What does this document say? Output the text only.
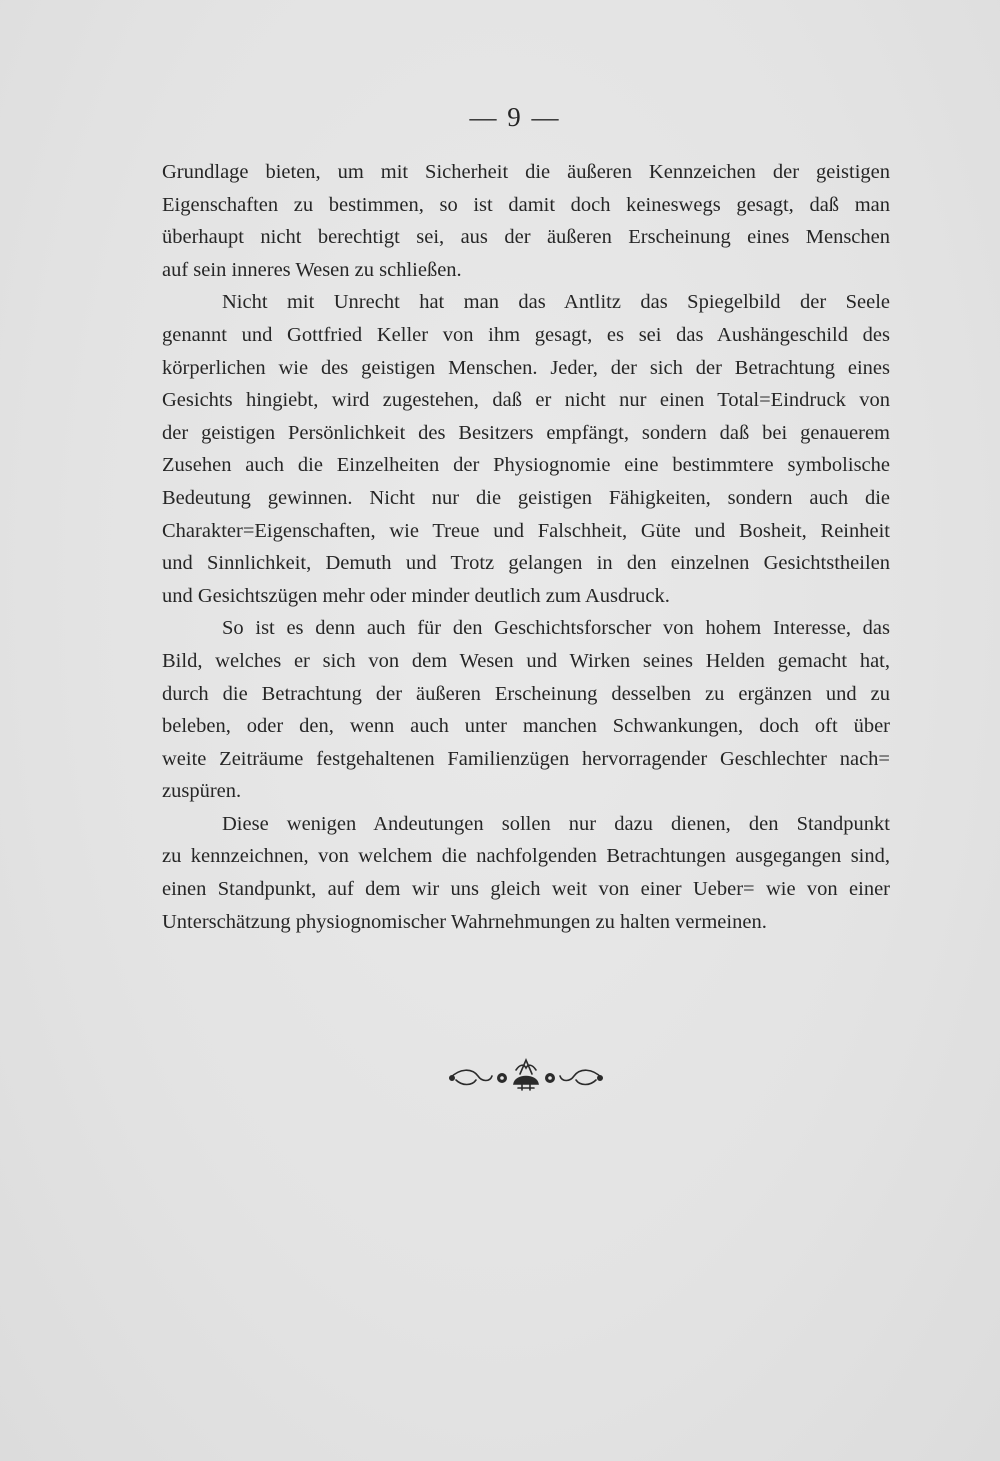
— 9 —
Grundlage bieten, um mit Sicherheit die äußeren Kennzeichen der geistigen
Eigenschaften zu bestimmen, so ist damit doch keineswegs gesagt, daß man
überhaupt nicht berechtigt sei, aus der äußeren Erscheinung eines Menschen
auf sein inneres Wesen zu schließen.
Nicht mit Unrecht hat man das Antlitz das Spiegelbild der Seele
genannt und Gottfried Keller von ihm gesagt, es sei das Aushängeschild des
körperlichen wie des geistigen Menschen. Jeder, der sich der Betrachtung eines
Gesichts hingiebt, wird zugestehen, daß er nicht nur einen Total=Eindruck von
der geistigen Persönlichkeit des Besitzers empfängt, sondern daß bei genauerem
Zusehen auch die Einzelheiten der Physiognomie eine bestimmtere symbolische
Bedeutung gewinnen. Nicht nur die geistigen Fähigkeiten, sondern auch die
Charakter=Eigenschaften, wie Treue und Falschheit, Güte und Bosheit, Reinheit
und Sinnlichkeit, Demuth und Trotz gelangen in den einzelnen Gesichtstheilen
und Gesichtszügen mehr oder minder deutlich zum Ausdruck.
So ist es denn auch für den Geschichtsforscher von hohem Interesse, das
Bild, welches er sich von dem Wesen und Wirken seines Helden gemacht hat,
durch die Betrachtung der äußeren Erscheinung desselben zu ergänzen und zu
beleben, oder den, wenn auch unter manchen Schwankungen, doch oft über
weite Zeiträume festgehaltenen Familienzügen hervorragender Geschlechter nach=
zuspüren.
Diese wenigen Andeutungen sollen nur dazu dienen, den Standpunkt
zu kennzeichnen, von welchem die nachfolgenden Betrachtungen ausgegangen sind,
einen Standpunkt, auf dem wir uns gleich weit von einer Ueber= wie von einer
Unterschätzung physiognomischer Wahrnehmungen zu halten vermeinen.
